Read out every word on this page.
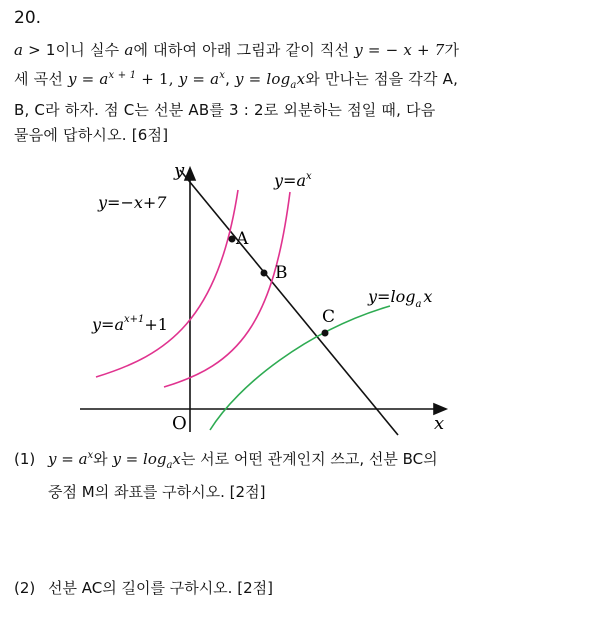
20.
a > 1이니 실수 a에 대하여 아래 그림과 같이 직선 y = − x + 7가
세 곡선 $y = a^{x + 1} + 1$, $y = a^x$, $y = \log_ax$와 만나는 점을 각각 A,
B, C라 하자. 점 C는 선분 AB를 3 : 2로 외분하는 점일 때, 다음
물음에 답하시오. [6점]
x
y
O
A
B
C
y=−x+7
$y=a^x$
$y=a^{x+1}+1$
$y=\log_a$ x
(1) $y = a^x$와 $y = \log_ax$는 서로 어떤 관계인지 쓰고, 선분 BC의
중점 M의 좌표를 구하시오. [2점]
(2) 선분 AC의 길이를 구하시오. [2점]
